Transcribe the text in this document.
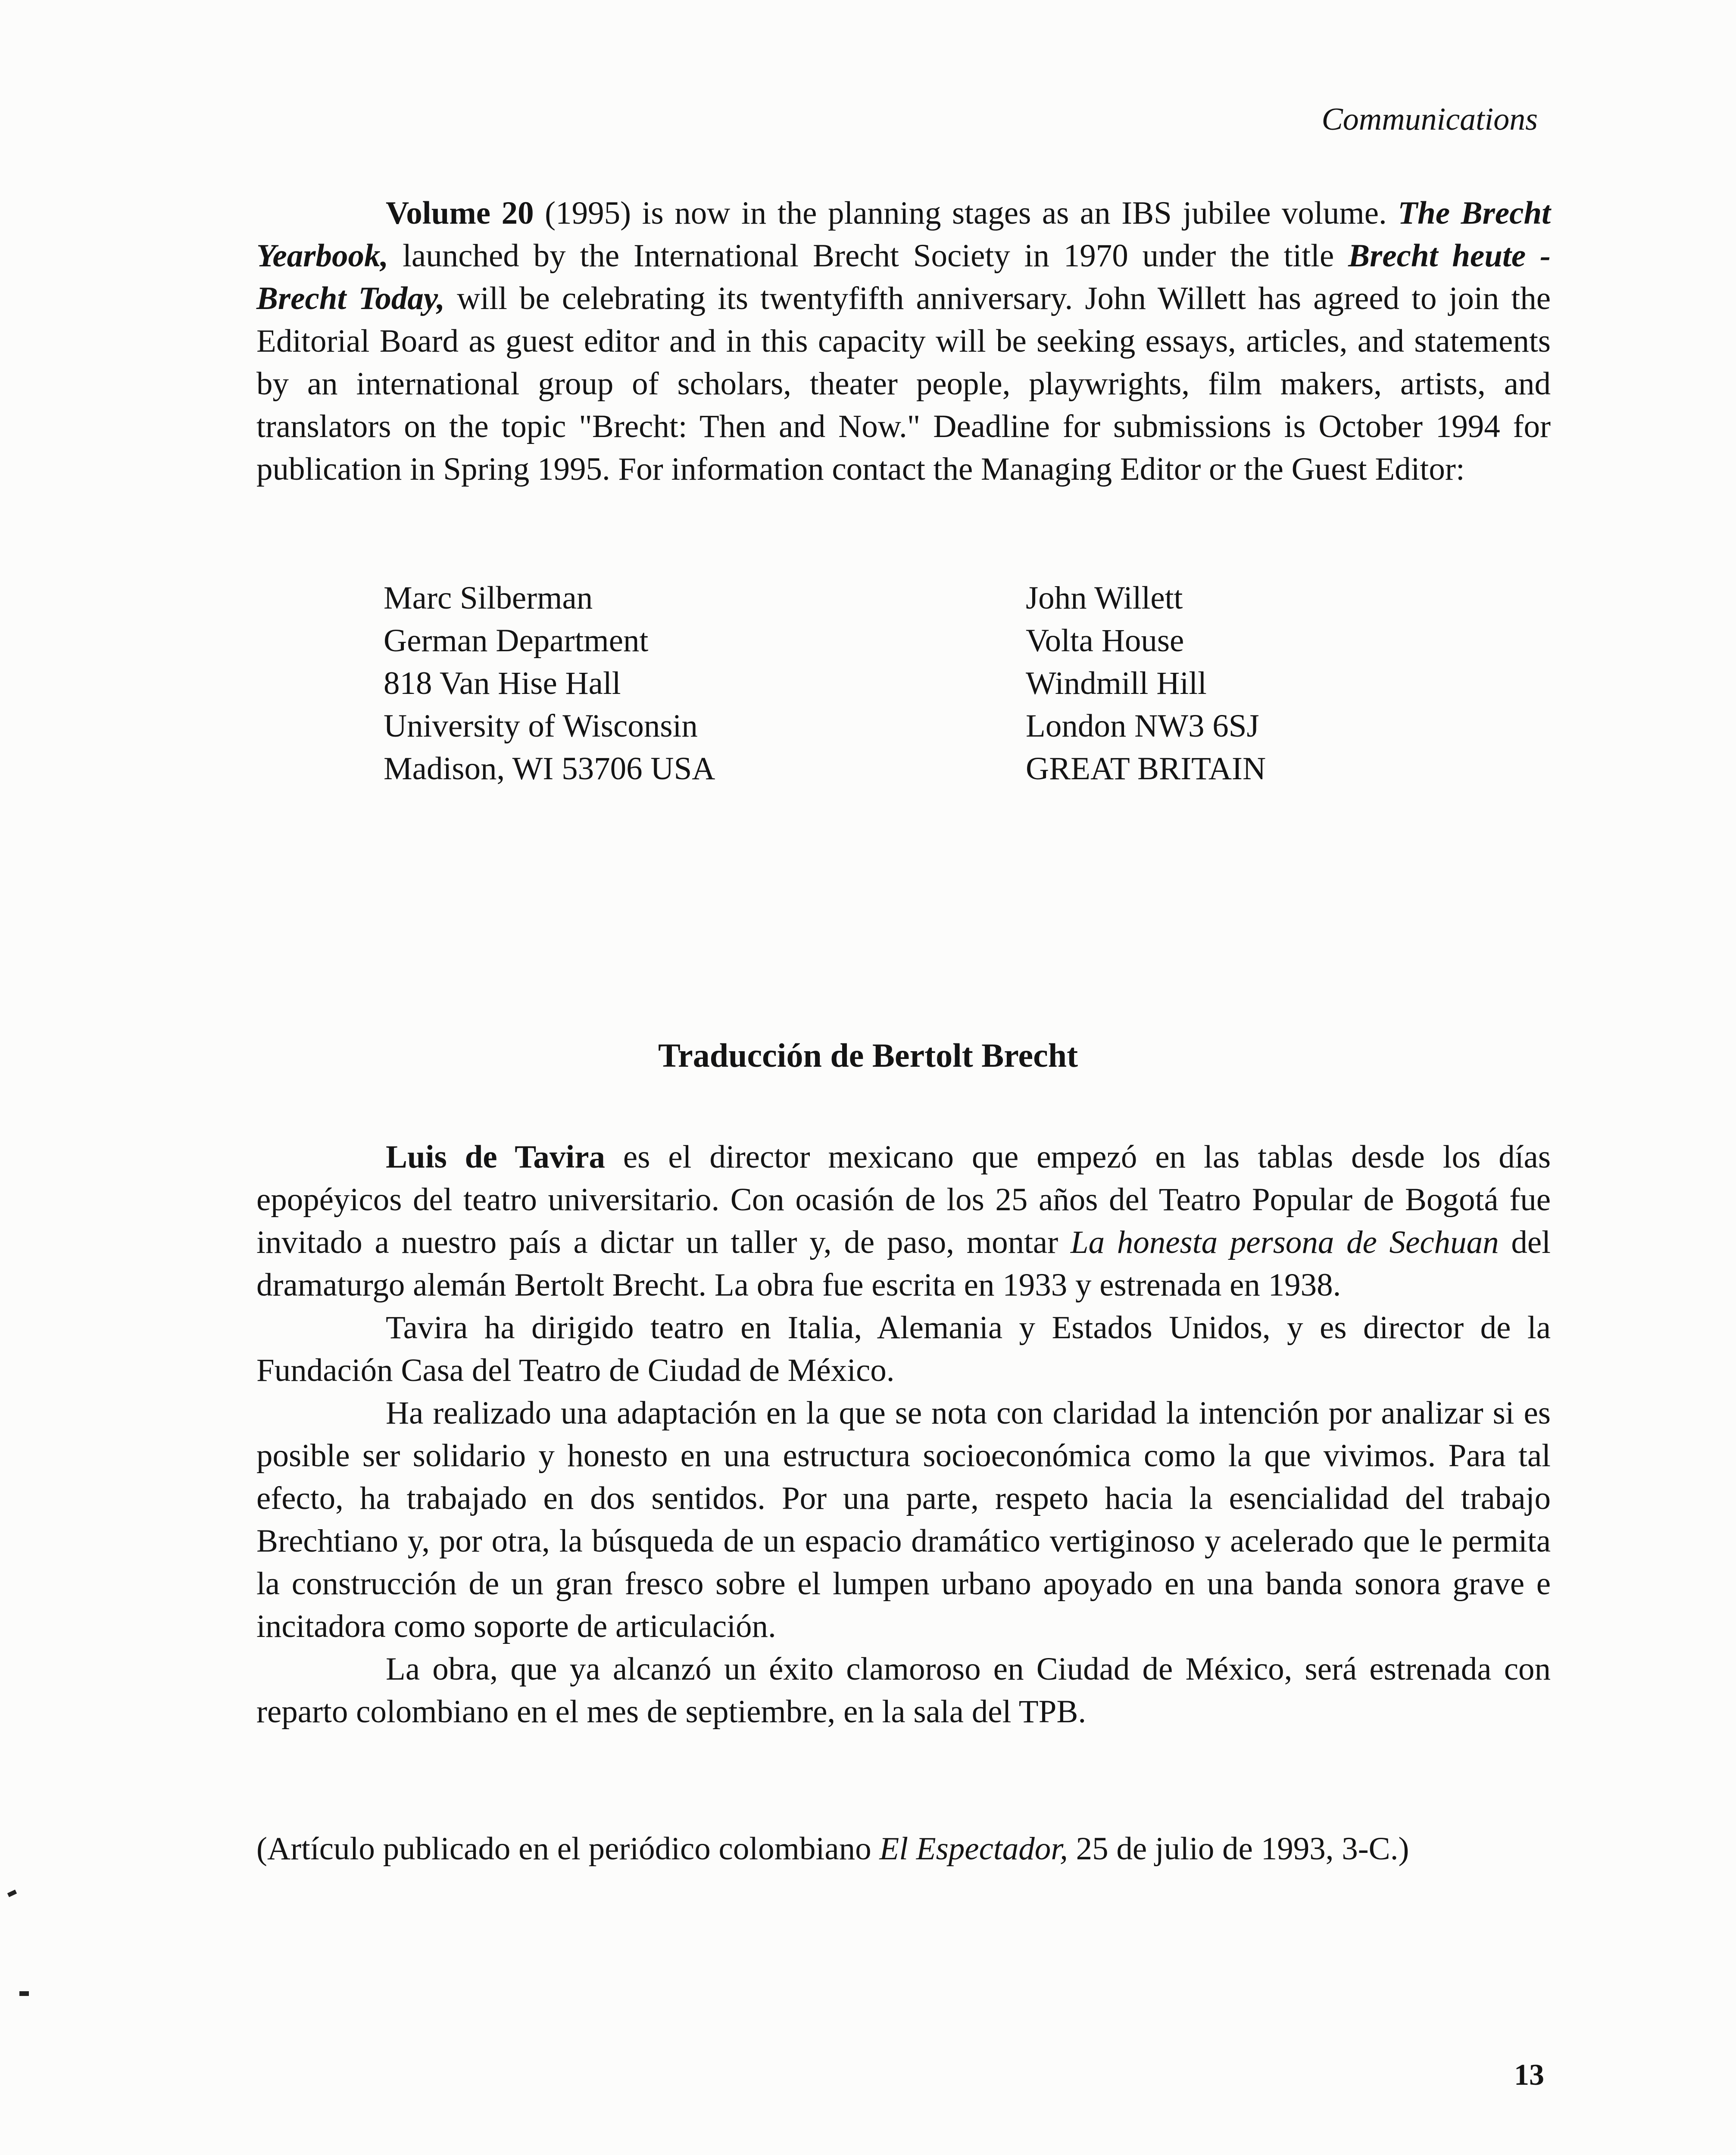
Communications

Volume 20 (1995) is now in the planning stages as an IBS jubilee volume. The Brecht Yearbook, launched by the International Brecht Society in 1970 under the title Brecht heute - Brecht Today, will be celebrating its twentyfifth anniversary. John Willett has agreed to join the Editorial Board as guest editor and in this capacity will be seeking essays, articles, and statements by an international group of scholars, theater people, playwrights, film makers, artists, and translators on the topic "Brecht: Then and Now." Deadline for submissions is October 1994 for publication in Spring 1995. For information contact the Managing Editor or the Guest Editor:

Marc Silberman
German Department
818 Van Hise Hall
University of Wisconsin
Madison, WI 53706 USA
John Willett
Volta House
Windmill Hill
London NW3 6SJ
GREAT BRITAIN
Traducción de Bertolt Brecht

Luis de Tavira es el director mexicano que empezó en las tablas desde los días epopéyicos del teatro universitario. Con ocasión de los 25 años del Teatro Popular de Bogotá fue invitado a nuestro país a dictar un taller y, de paso, montar La honesta persona de Sechuan del dramaturgo alemán Bertolt Brecht. La obra fue escrita en 1933 y estrenada en 1938.

Tavira ha dirigido teatro en Italia, Alemania y Estados Unidos, y es director de la Fundación Casa del Teatro de Ciudad de México.

Ha realizado una adaptación en la que se nota con claridad la intención por analizar si es posible ser solidario y honesto en una estructura socioeconómica como la que vivimos. Para tal efecto, ha trabajado en dos sentidos. Por una parte, respeto hacia la esencialidad del trabajo Brechtiano y, por otra, la búsqueda de un espacio dramático vertiginoso y acelerado que le permita la construcción de un gran fresco sobre el lumpen urbano apoyado en una banda sonora grave e incitadora como soporte de articulación.

La obra, que ya alcanzó un éxito clamoroso en Ciudad de México, será estrenada con reparto colombiano en el mes de septiembre, en la sala del TPB.

(Artículo publicado en el periódico colombiano El Espectador, 25 de julio de 1993, 3-C.)
13
